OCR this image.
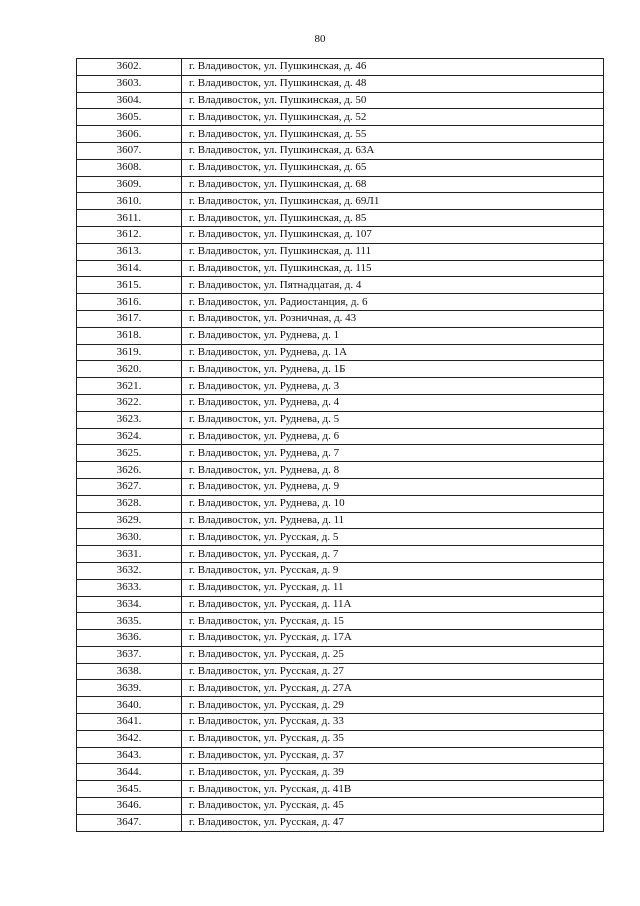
80
3602.	г. Владивосток, ул. Пушкинская, д. 46
3603.	г. Владивосток, ул. Пушкинская, д. 48
3604.	г. Владивосток, ул. Пушкинская, д. 50
3605.	г. Владивосток, ул. Пушкинская, д. 52
3606.	г. Владивосток, ул. Пушкинская, д. 55
3607.	г. Владивосток, ул. Пушкинская, д. 63А
3608.	г. Владивосток, ул. Пушкинская, д. 65
3609.	г. Владивосток, ул. Пушкинская, д. 68
3610.	г. Владивосток, ул. Пушкинская, д. 69Л1
3611.	г. Владивосток, ул. Пушкинская, д. 85
3612.	г. Владивосток, ул. Пушкинская, д. 107
3613.	г. Владивосток, ул. Пушкинская, д. 111
3614.	г. Владивосток, ул. Пушкинская, д. 115
3615.	г. Владивосток, ул. Пятнадцатая, д. 4
3616.	г. Владивосток, ул. Радиостанция, д. 6
3617.	г. Владивосток, ул. Розничная, д. 43
3618.	г. Владивосток, ул. Руднева, д. 1
3619.	г. Владивосток, ул. Руднева, д. 1А
3620.	г. Владивосток, ул. Руднева, д. 1Б
3621.	г. Владивосток, ул. Руднева, д. 3
3622.	г. Владивосток, ул. Руднева, д. 4
3623.	г. Владивосток, ул. Руднева, д. 5
3624.	г. Владивосток, ул. Руднева, д. 6
3625.	г. Владивосток, ул. Руднева, д. 7
3626.	г. Владивосток, ул. Руднева, д. 8
3627.	г. Владивосток, ул. Руднева, д. 9
3628.	г. Владивосток, ул. Руднева, д. 10
3629.	г. Владивосток, ул. Руднева, д. 11
3630.	г. Владивосток, ул. Русская, д. 5
3631.	г. Владивосток, ул. Русская, д. 7
3632.	г. Владивосток, ул. Русская, д. 9
3633.	г. Владивосток, ул. Русская, д. 11
3634.	г. Владивосток, ул. Русская, д. 11А
3635.	г. Владивосток, ул. Русская, д. 15
3636.	г. Владивосток, ул. Русская, д. 17А
3637.	г. Владивосток, ул. Русская, д. 25
3638.	г. Владивосток, ул. Русская, д. 27
3639.	г. Владивосток, ул. Русская, д. 27А
3640.	г. Владивосток, ул. Русская, д. 29
3641.	г. Владивосток, ул. Русская, д. 33
3642.	г. Владивосток, ул. Русская, д. 35
3643.	г. Владивосток, ул. Русская, д. 37
3644.	г. Владивосток, ул. Русская, д. 39
3645.	г. Владивосток, ул. Русская, д. 41В
3646.	г. Владивосток, ул. Русская, д. 45
3647.	г. Владивосток, ул. Русская, д. 47
